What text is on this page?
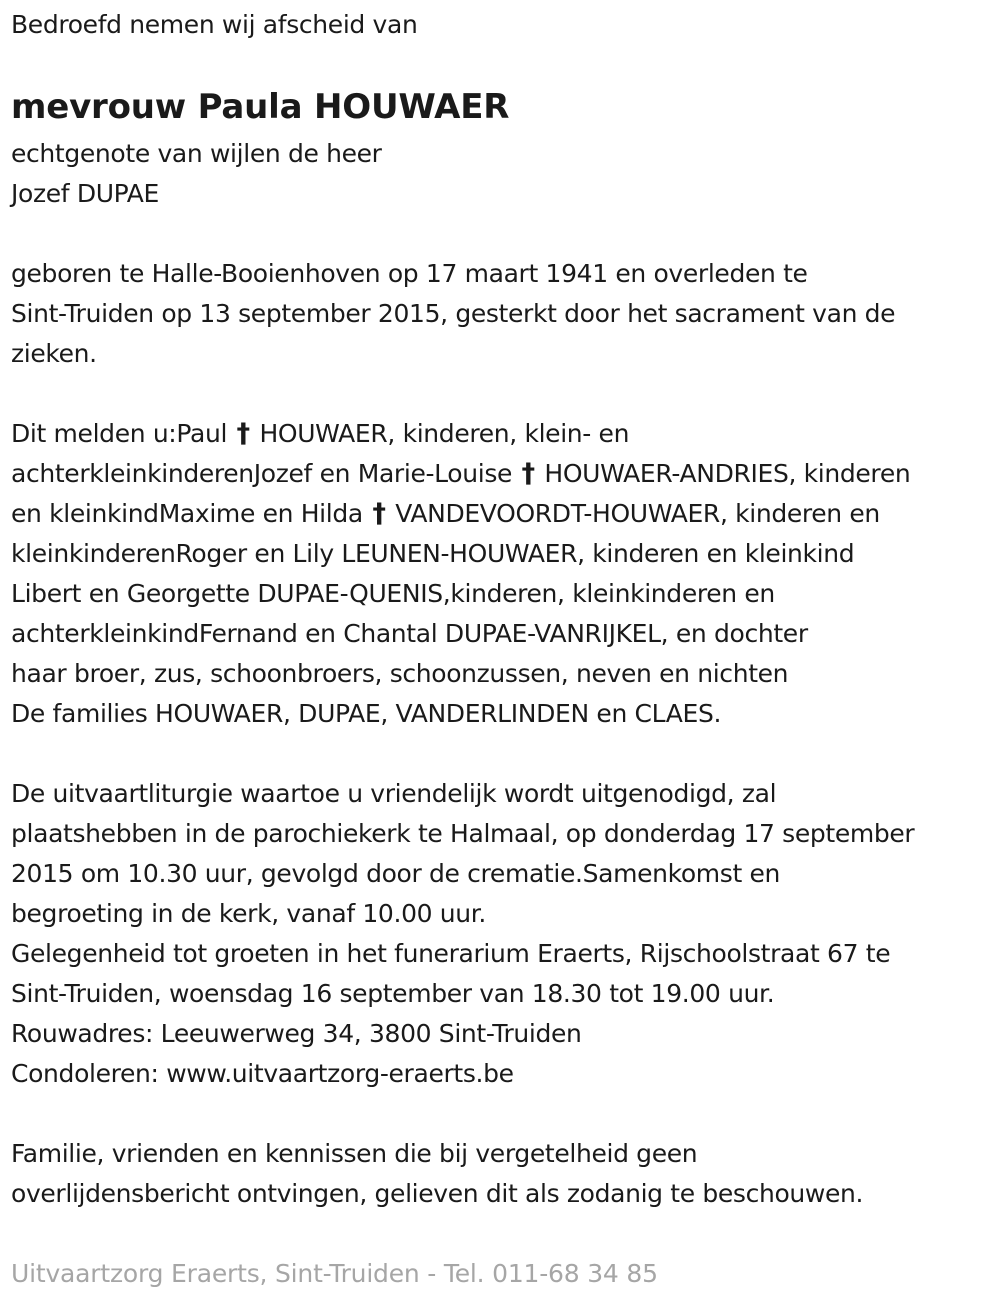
Bedroefd nemen wij afscheid van

mevrouw Paula HOUWAER

echtgenote van wijlen de heer

Jozef DUPAE

geboren te Halle-Booienhoven op 17 maart 1941 en overleden te

Sint-Truiden op 13 september 2015, gesterkt door het sacrament van de

zieken.

Dit melden u:Paul † HOUWAER, kinderen, klein- en

achterkleinkinderenJozef en Marie-Louise † HOUWAER-ANDRIES, kinderen

en kleinkindMaxime en Hilda † VANDEVOORDT-HOUWAER, kinderen en

kleinkinderenRoger en Lily LEUNEN-HOUWAER, kinderen en kleinkind

Libert en Georgette DUPAE-QUENIS,kinderen, kleinkinderen en

achterkleinkindFernand en Chantal DUPAE-VANRIJKEL, en dochter

haar broer, zus, schoonbroers, schoonzussen, neven en nichten

De families HOUWAER, DUPAE, VANDERLINDEN en CLAES.

De uitvaartliturgie waartoe u vriendelijk wordt uitgenodigd, zal

plaatshebben in de parochiekerk te Halmaal, op donderdag 17 september

2015 om 10.30 uur, gevolgd door de crematie.Samenkomst en

begroeting in de kerk, vanaf 10.00 uur.

Gelegenheid tot groeten in het funerarium Eraerts, Rijschoolstraat 67 te

Sint-Truiden, woensdag 16 september van 18.30 tot 19.00 uur.

Rouwadres: Leeuwerweg 34, 3800 Sint-Truiden

Condoleren: www.uitvaartzorg-eraerts.be

Familie, vrienden en kennissen die bij vergetelheid geen

overlijdensbericht ontvingen, gelieven dit als zodanig te beschouwen.

Uitvaartzorg Eraerts, Sint-Truiden - Tel. 011-68 34 85
